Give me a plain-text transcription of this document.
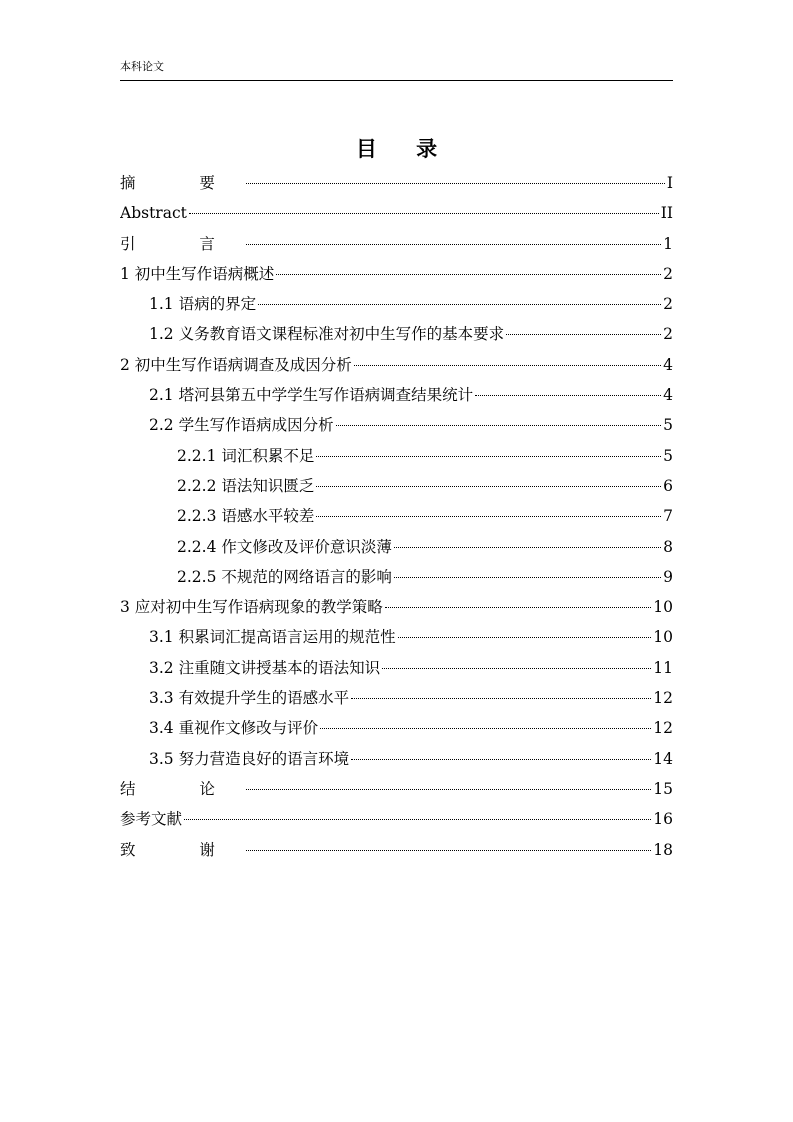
本科论文
目 录
摘 要	I
Abstract	II
引 言	1
1 初中生写作语病概述	2
1.1 语病的界定	2
1.2 义务教育语文课程标准对初中生写作的基本要求	2
2 初中生写作语病调查及成因分析	4
2.1 塔河县第五中学学生写作语病调查结果统计	4
2.2 学生写作语病成因分析	5
2.2.1 词汇积累不足	5
2.2.2 语法知识匮乏	6
2.2.3 语感水平较差	7
2.2.4 作文修改及评价意识淡薄	8
2.2.5 不规范的网络语言的影响	9
3 应对初中生写作语病现象的教学策略	10
3.1 积累词汇提高语言运用的规范性	10
3.2 注重随文讲授基本的语法知识	11
3.3 有效提升学生的语感水平	12
3.4 重视作文修改与评价	12
3.5 努力营造良好的语言环境	14
结 论	15
参考文献	16
致 谢	18
